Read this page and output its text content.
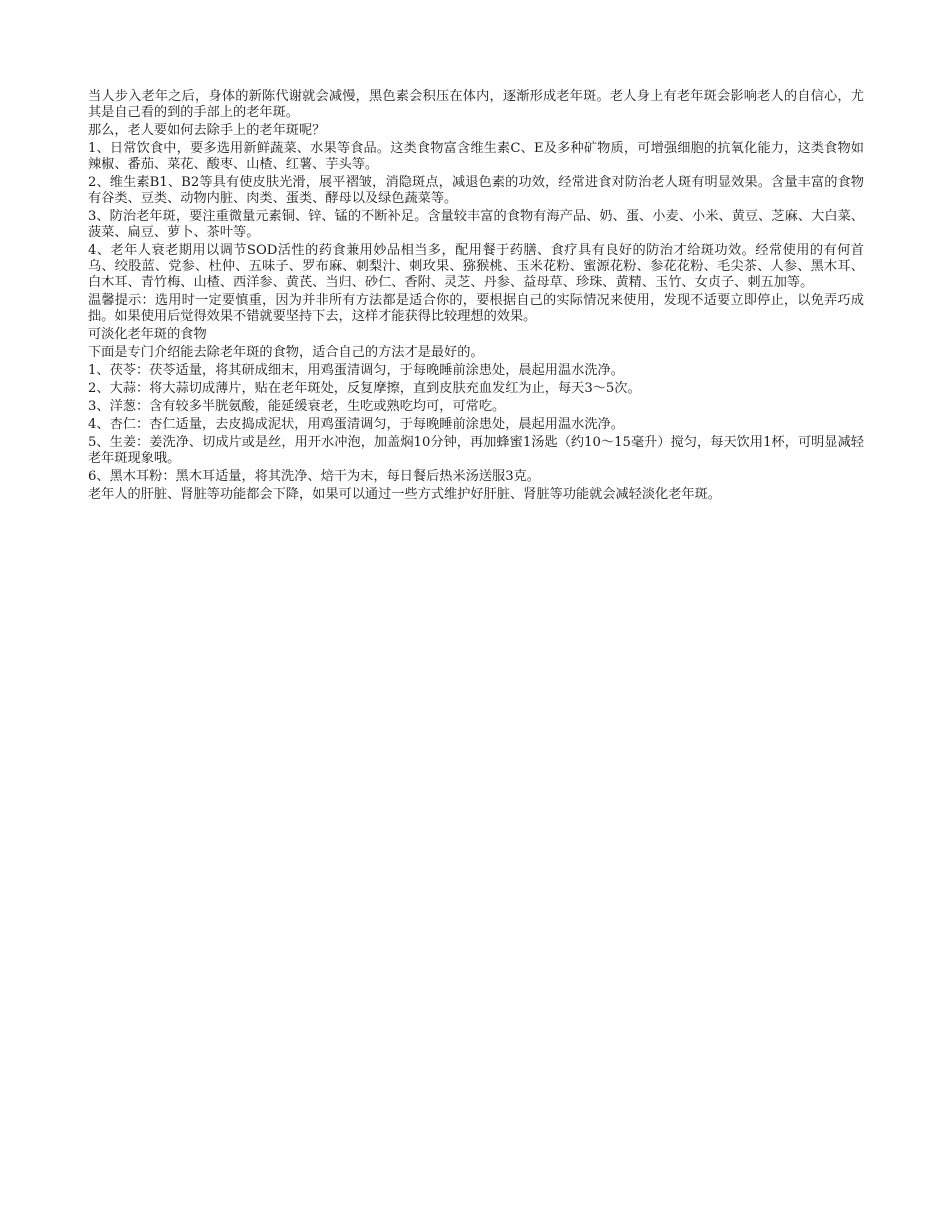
当人步入老年之后，身体的新陈代谢就会减慢，黑色素会积压在体内，逐渐形成老年斑。老人身上有老年斑会影响老人的自信心，尤其是自己看的到的手部上的老年斑。

那么，老人要如何去除手上的老年斑呢？

1、日常饮食中，要多选用新鲜蔬菜、水果等食品。这类食物富含维生素C、E及多种矿物质，可增强细胞的抗氧化能力，这类食物如辣椒、番茄、菜花、酸枣、山楂、红薯、芋头等。

2、维生素B1、B2等具有使皮肤光滑，展平褶皱，消隐斑点，减退色素的功效，经常进食对防治老人斑有明显效果。含量丰富的食物有谷类、豆类、动物内脏、肉类、蛋类、酵母以及绿色蔬菜等。

3、防治老年斑，要注重微量元素铜、锌、锰的不断补足。含量较丰富的食物有海产品、奶、蛋、小麦、小米、黄豆、芝麻、大白菜、菠菜、扁豆、萝卜、茶叶等。

4、老年人衰老期用以调节SOD活性的药食兼用妙品相当多，配用餐于药膳、食疗具有良好的防治才给斑功效。经常使用的有何首乌、绞股蓝、党参、杜仲、五味子、罗布麻、刺梨汁、刺玫果、猕猴桃、玉米花粉、蜜源花粉、参花花粉、毛尖茶、人参、黑木耳、白木耳、青竹梅、山楂、西洋参、黄芪、当归、砂仁、香附、灵芝、丹参、益母草、珍珠、黄精、玉竹、女贞子、刺五加等。

温馨提示：选用时一定要慎重，因为并非所有方法都是适合你的，要根据自己的实际情况来使用，发现不适要立即停止，以免弄巧成拙。如果使用后觉得效果不错就要坚持下去，这样才能获得比较理想的效果。

可淡化老年斑的食物

下面是专门介绍能去除老年斑的食物，适合自己的方法才是最好的。

1、茯苓：茯苓适量，将其研成细末，用鸡蛋清调匀，于每晚睡前涂患处，晨起用温水洗净。

2、大蒜：将大蒜切成薄片，贴在老年斑处，反复摩擦，直到皮肤充血发红为止，每天3～5次。

3、洋葱：含有较多半胱氨酸，能延缓衰老，生吃或熟吃均可，可常吃。

4、杏仁：杏仁适量，去皮捣成泥状，用鸡蛋清调匀，于每晚睡前涂患处，晨起用温水洗净。

5、生姜：姜洗净、切成片或是丝，用开水冲泡，加盖焖10分钟，再加蜂蜜1汤匙（约10～15毫升）搅匀，每天饮用1杯，可明显减轻老年斑现象哦。

6、黑木耳粉：黑木耳适量，将其洗净、焙干为末，每日餐后热米汤送服3克。

老年人的肝脏、肾脏等功能都会下降，如果可以通过一些方式维护好肝脏、肾脏等功能就会减轻淡化老年斑。
